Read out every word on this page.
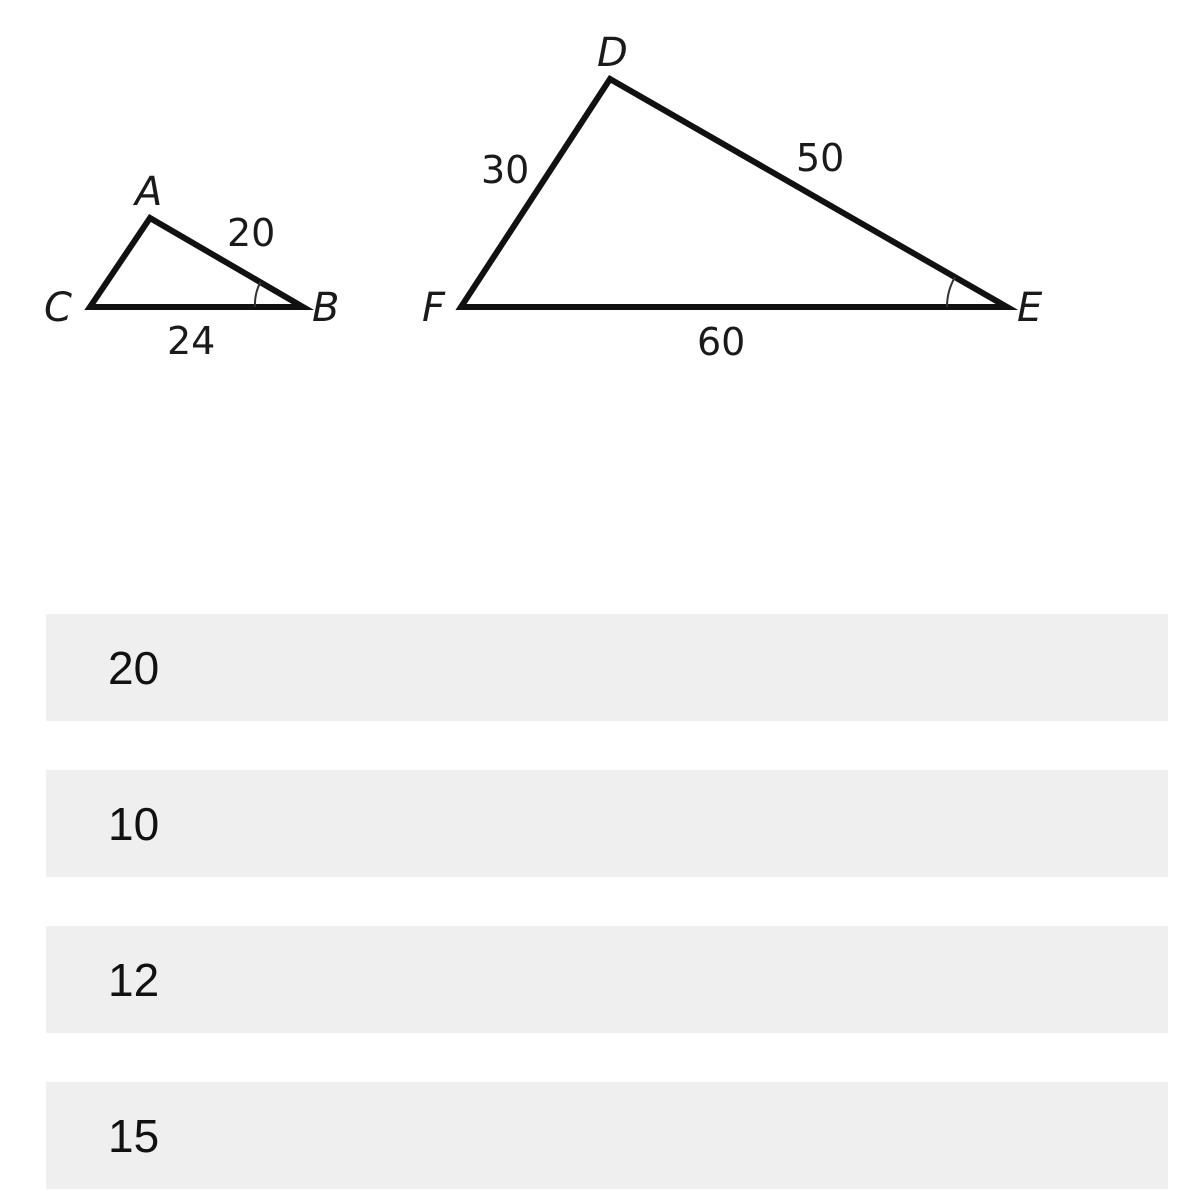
A
B
C
20
24
D
E
F
30	50
60
20
10
12
15
